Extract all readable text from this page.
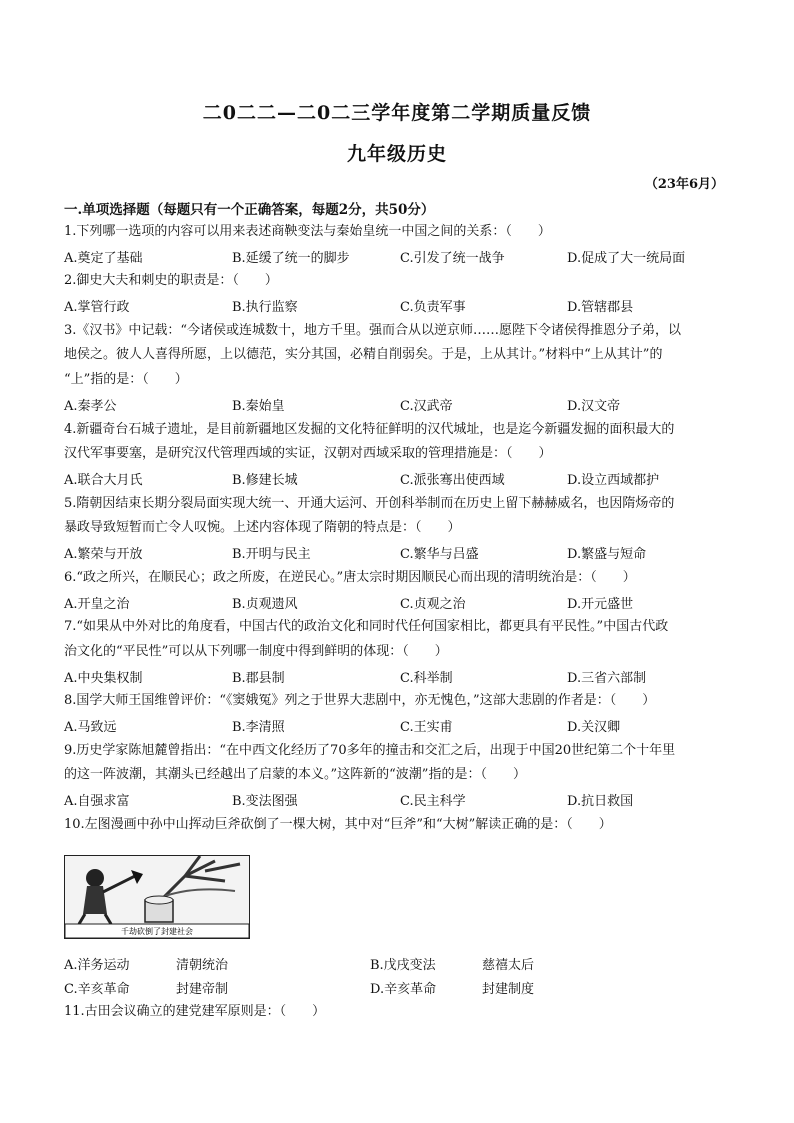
二0二二—二0二三学年度第二学期质量反馈
九年级历史
（23年6月）
一.单项选择题（每题只有一个正确答案，每题2分，共50分）
1.下列哪一选项的内容可以用来表述商鞅变法与秦始皇统一中国之间的关系：（　　）
A.奠定了基础	B.延缓了统一的脚步	C.引发了统一战争	D.促成了大一统局面
2.御史大夫和刺史的职责是：（　　）
A.掌管行政	B.执行监察	C.负责军事	D.管辖郡县
3.《汉书》中记载：“今诸侯或连城数十，地方千里。强而合从以逆京师……愿陛下令诸侯得推恩分子弟，以
地侯之。彼人人喜得所愿，上以德范，实分其国，必精自削弱矣。于是，上从其计。”材料中“上从其计”的
“上”指的是：（　　）
A.秦孝公	B.秦始皇	C.汉武帝	D.汉文帝
4.新疆奇台石城子遗址，是目前新疆地区发掘的文化特征鲜明的汉代城址，也是迄今新疆发掘的面积最大的
汉代军事要塞，是研究汉代管理西域的实证，汉朝对西域采取的管理措施是：（　　）
A.联合大月氏	B.修建长城	C.派张骞出使西域	D.设立西域都护
5.隋朝因结束长期分裂局面实现大统一、开通大运河、开创科举制而在历史上留下赫赫威名，也因隋炀帝的
暴政导致短暂而亡令人叹惋。上述内容体现了隋朝的特点是：（　　）
A.繁荣与开放	B.开明与民主	C.繁华与吕盛	D.繁盛与短命
6.“政之所兴，在顺民心；政之所废，在逆民心。”唐太宗时期因顺民心而出现的清明统治是：（　　）
A.开皇之治	B.贞观遗风	C.贞观之治	D.开元盛世
7.“如果从中外对比的角度看，中国古代的政治文化和同时代任何国家相比，都更具有平民性。”中国古代政
治文化的“平民性”可以从下列哪一制度中得到鲜明的体现：（　　）
A.中央集权制	B.郡县制	C.科举制	D.三省六部制
8.国学大师王国维曾评价：“《窦娥冤》列之于世界大悲剧中，亦无愧色，”这部大悲剧的作者是：（　　）
A.马致远	B.李清照	C.王实甫	D.关汉卿
9.历史学家陈旭麓曾指出：“在中西文化经历了70多年的撞击和交汇之后，出现于中国20世纪第二个十年里
的这一阵波潮，其潮头已经越出了启蒙的本义。”这阵新的“波潮”指的是：（　　）
A.自强求富	B.变法图强	C.民主科学	D.抗日救国
10.左图漫画中孙中山挥动巨斧砍倒了一棵大树，其中对“巨斧”和“大树”解读正确的是：（　　）
千劫砍倒了封建社会
A.洋务运动	清朝统治	B.戊戌变法	慈禧太后
C.辛亥革命	封建帝制	D.辛亥革命	封建制度
11.古田会议确立的建党建军原则是：（　　）
